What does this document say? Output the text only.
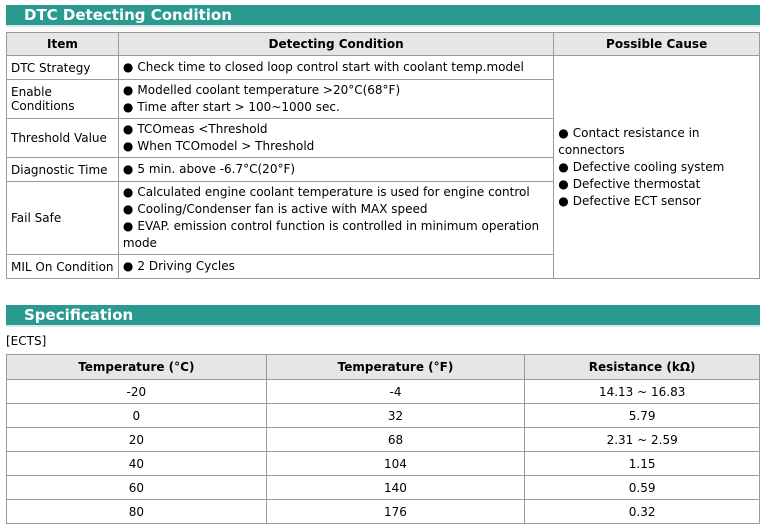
DTC Detecting Condition
Item	Detecting Condition	Possible Cause
DTC Strategy	● Check time to closed loop control start with coolant temp.model	● Contact resistance in connectors
● Defective cooling system
● Defective thermostat
● Defective ECT sensor

Enable Conditions	● Modelled coolant temperature >20°C(68°F)
● Time after start > 100~1000 sec.	

Threshold Value	● TCOmeas <Threshold
● When TCOmodel > Threshold	

Diagnostic Time	● 5 min. above -6.7°C(20°F)	

Fail Safe	● Calculated engine coolant temperature is used for engine control
● Cooling/Condenser fan is active with MAX speed
● EVAP. emission control function is controlled in minimum operation mode	

MIL On Condition	● 2 Driving Cycles	
Specification
[ECTS]
Temperature (°C)	Temperature (°F)	Resistance (kΩ)
-20	-4	14.13 ~ 16.83
0	32	5.79
20	68	2.31 ~ 2.59
40	104	1.15
60	140	0.59
80	176	0.32
